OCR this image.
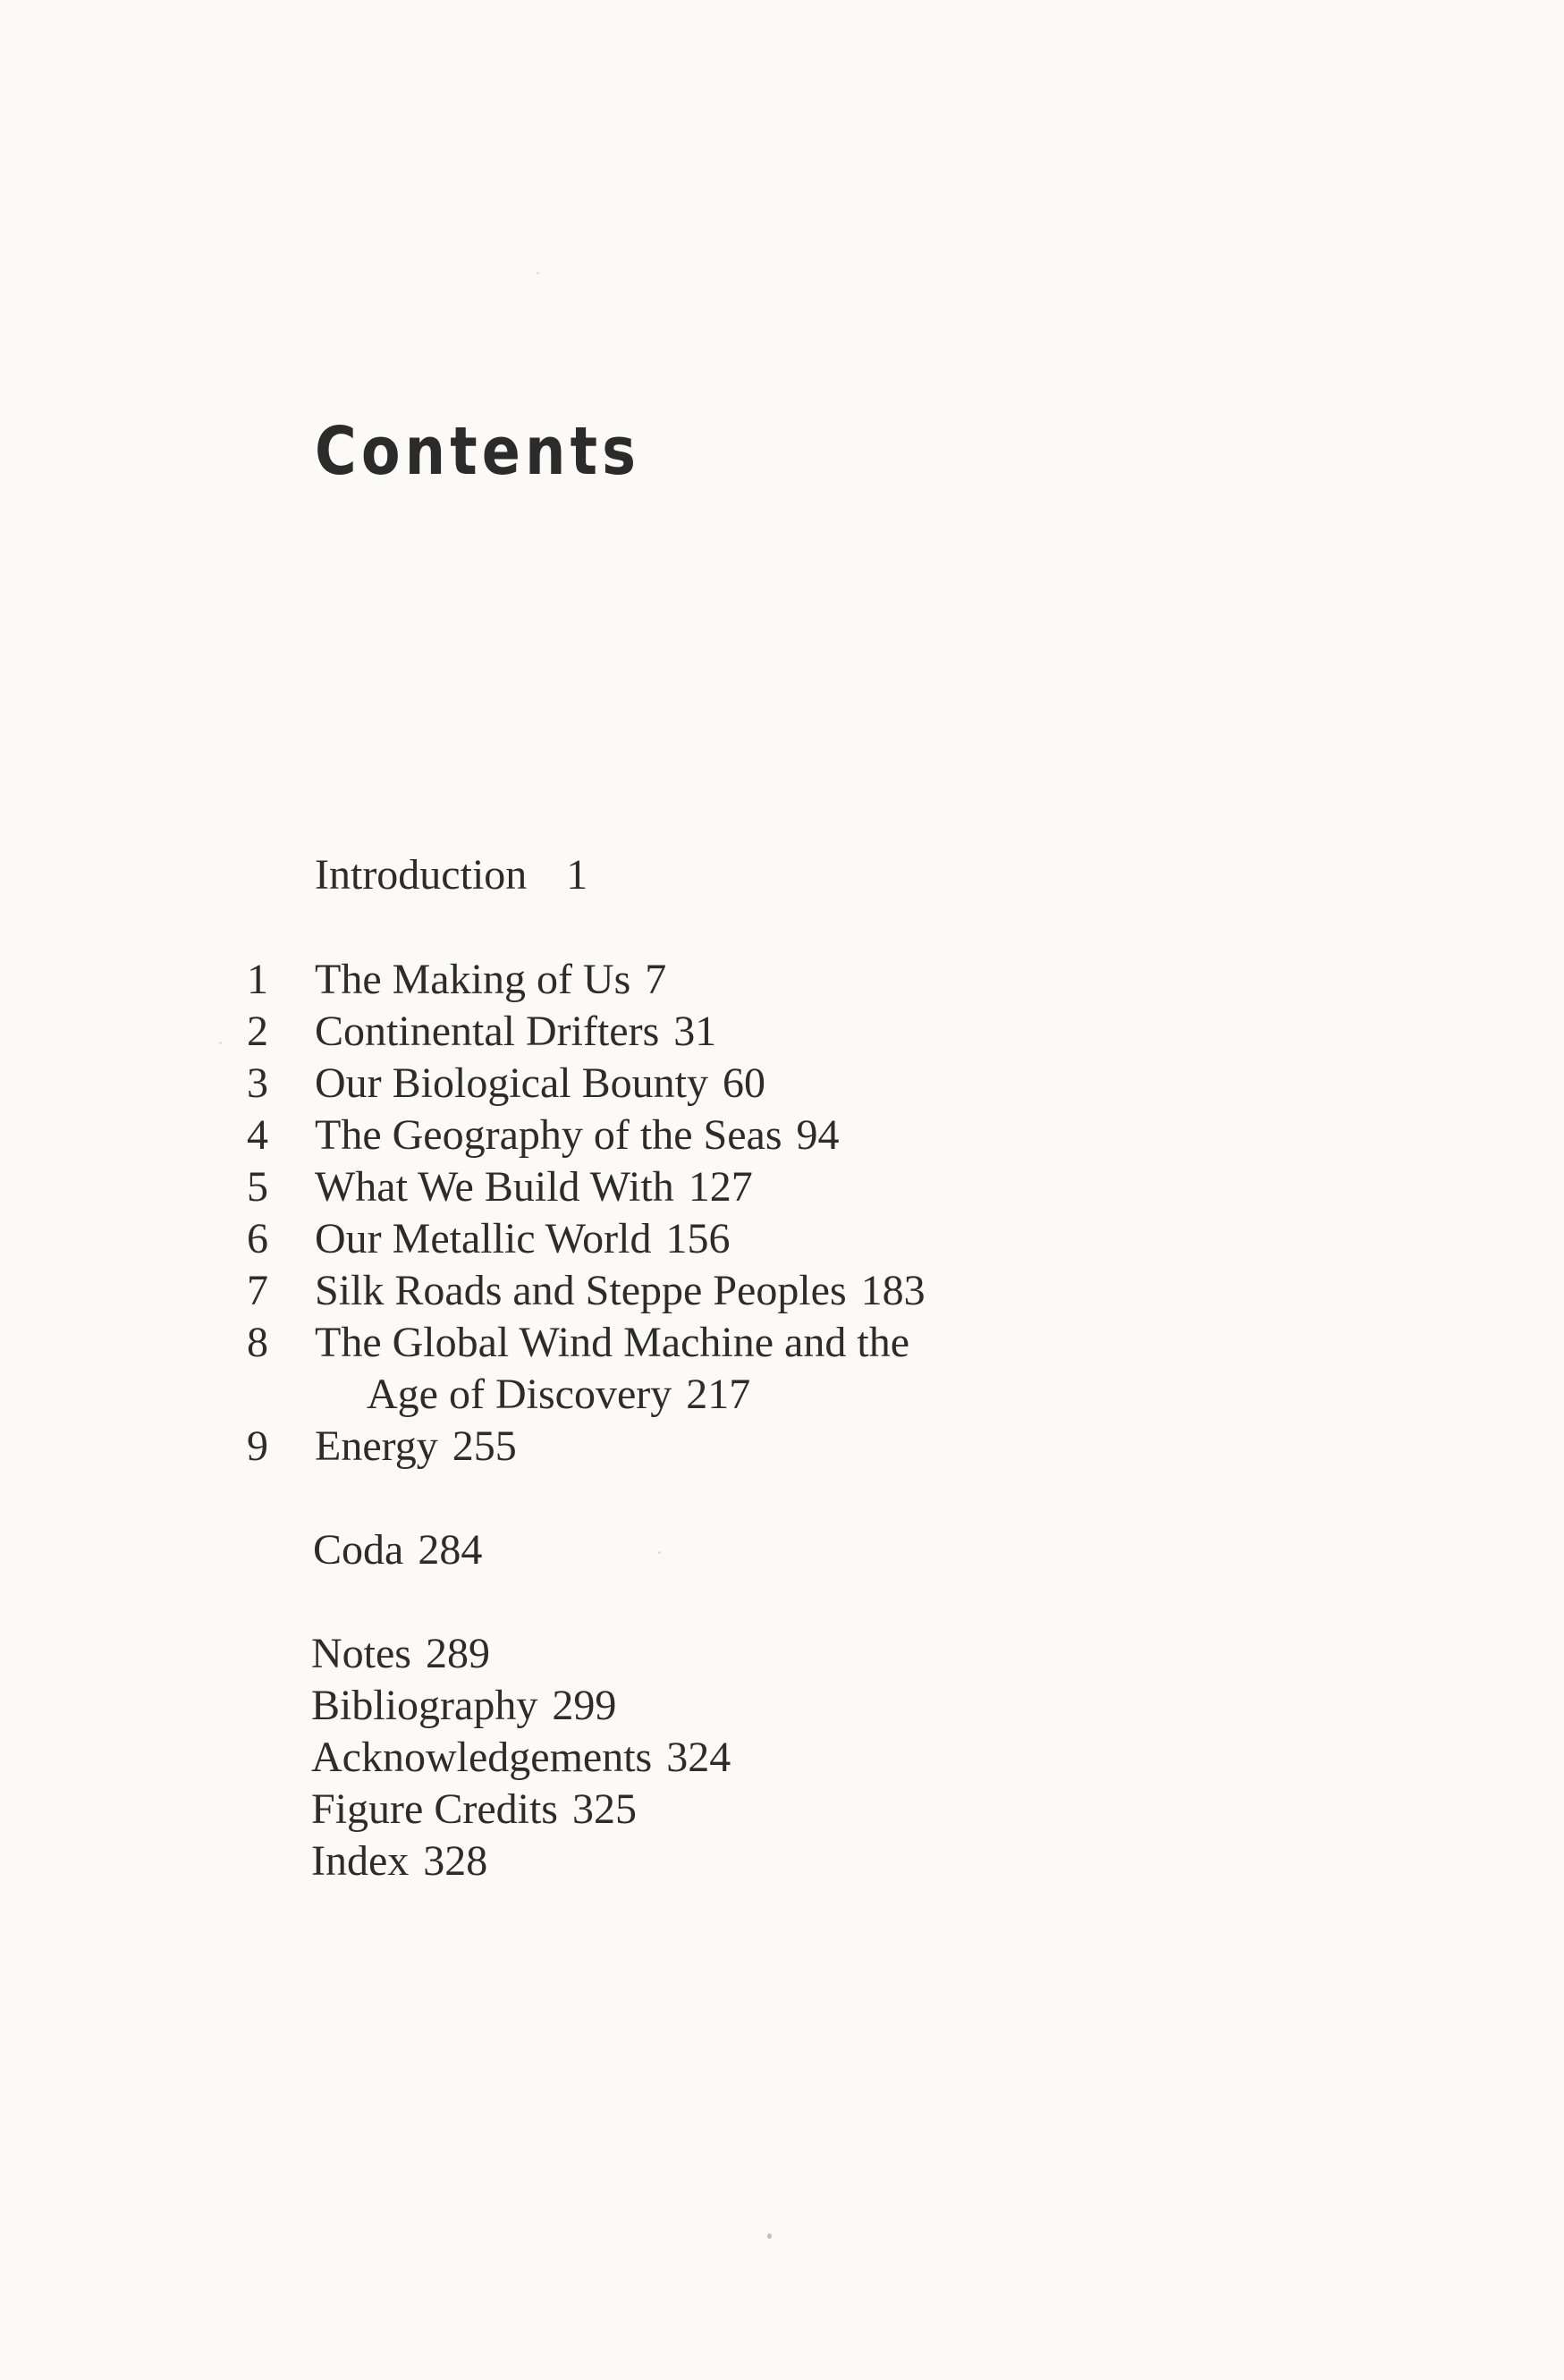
Contents
Introduction 1
1	The Making of Us 7
2	Continental Drifters 31
3	Our Biological Bounty 60
4	The Geography of the Seas 94
5	What We Build With 127
6	Our Metallic World 156
7	Silk Roads and Steppe Peoples 183
8	The Global Wind Machine and the
Age of Discovery 217
9	Energy 255
Coda 284
Notes 289
Bibliography 299
Acknowledgements 324
Figure Credits 325
Index 328
